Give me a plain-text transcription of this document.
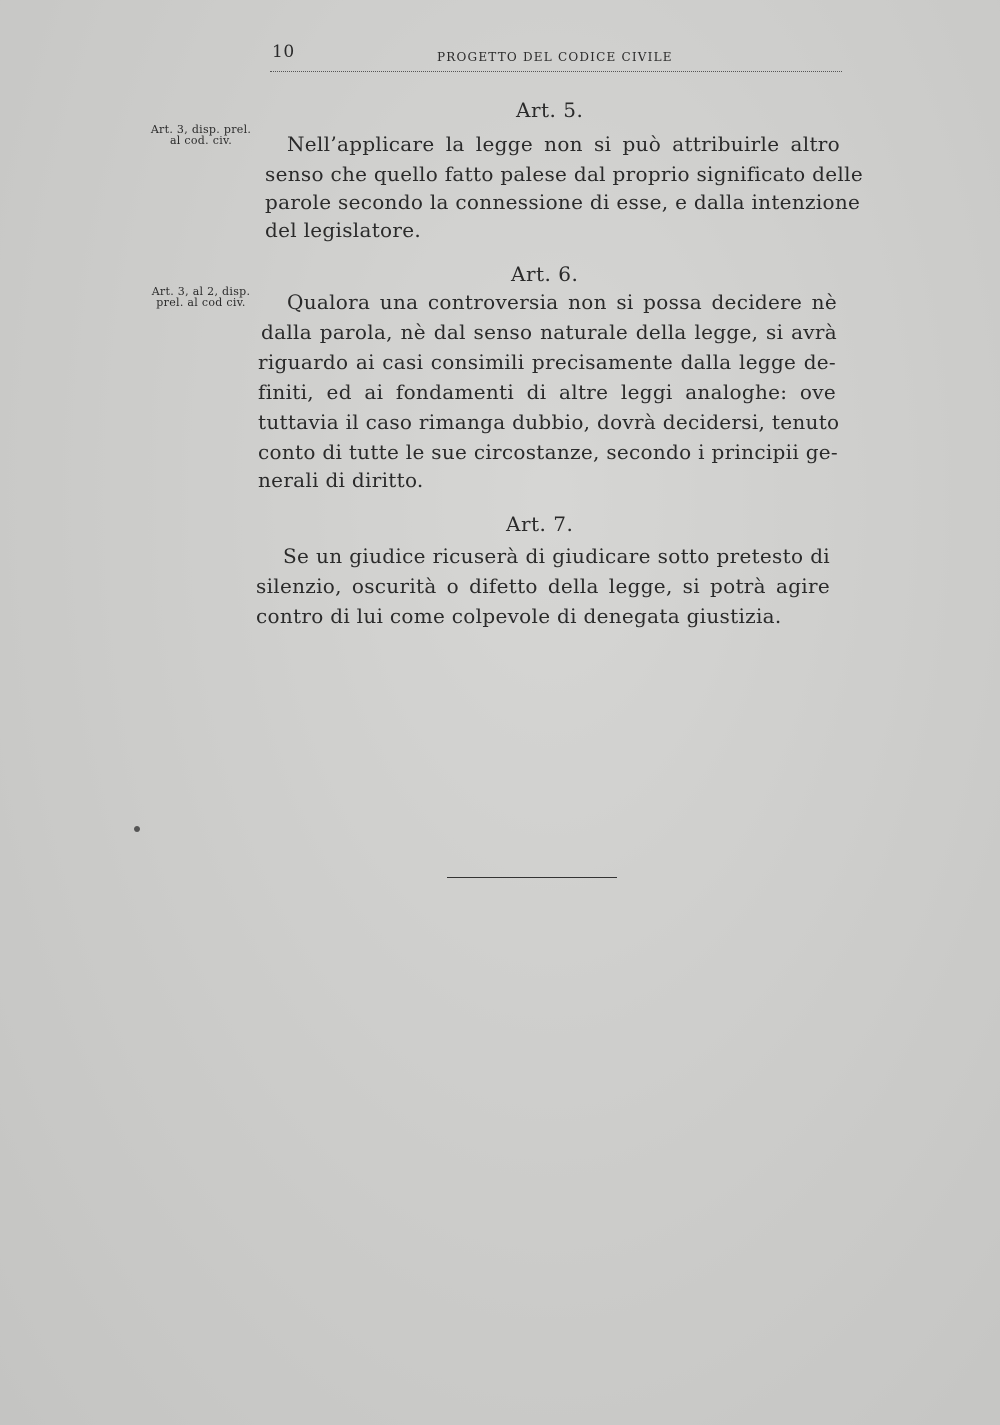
10	PROGETTO DEL CODICE CIVILE
Art. 3, disp. prel.
al cod. civ.
Art. 5.
Nell’applicare la legge non si può attribuirle altro
senso che quello fatto palese dal proprio significato delle
parole secondo la connessione di esse, e dalla intenzione
del legislatore.
Art. 3, al 2, disp.
prel. al cod civ.
Art. 6.
Qualora una controversia non si possa decidere nè
dalla parola, nè dal senso naturale della legge, si avrà
riguardo ai casi consimili precisamente dalla legge de-
finiti, ed ai fondamenti di altre leggi analoghe: ove
tuttavia il caso rimanga dubbio, dovrà decidersi, tenuto
conto di tutte le sue circostanze, secondo i principii ge-
nerali di diritto.
Art. 7.
Se un giudice ricuserà di giudicare sotto pretesto di
silenzio, oscurità o difetto della legge, si potrà agire
contro di lui come colpevole di denegata giustizia.
